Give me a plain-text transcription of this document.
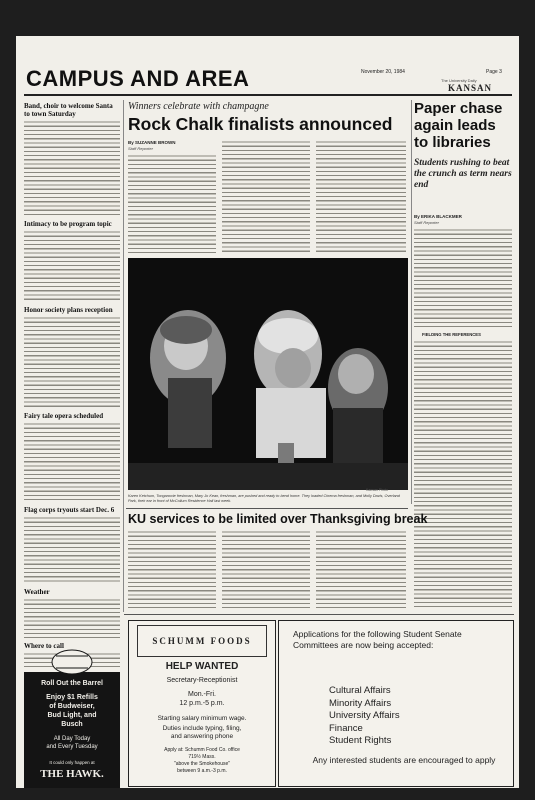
CAMPUS AND AREA	November 20, 1984	Page 3
The University Daily
KANSAN
Band, choir to welcome Santa to town Saturday
Intimacy to be program topic
Honor society plans reception
Fairy tale opera scheduled
Flag corps tryouts start Dec. 6
Weather
Where to call
Winners celebrate with champagne
Rock Chalk finalists announced
By SUZANNE BROWN
Staff Reporter
Kansan Photo
Karen Ketchum, Tonganoxie freshman, Mary Jo Kean, freshman, are pushed and ready to bend home. They loaded Cinema freshman, and Molly Davis, Overland Park, their ear in front of McCollum Residence Hall last week.
Paper chase again leads to libraries
Students rushing to beat the crunch as term nears end
By ERIKA BLACKMER
Staff Reporter
FIELDING THE REFERENCES
KU services to be limited over Thanksgiving break
Roll Out the Barrel
Enjoy $1 Refills
of Budweiser,
Bud Light, and
Busch
All Day Today
and Every Tuesday
It could only happen at
THE HAWK.
SCHUMM FOODS
HELP WANTED
Secretary-Receptionist
Mon.-Fri.
12 p.m.-5 p.m.
Starting salary minimum wage.
Duties include typing, filing,
and answering phone
Apply at: Schumm Food Co. office
719½ Mass.
"above the Smokehouse"
between 9 a.m.-3 p.m.
Applications for the following Student Senate Committees are now being accepted:
Cultural Affairs
Minority Affairs
University Affairs
Finance
Student Rights
Any interested students are encouraged to apply
